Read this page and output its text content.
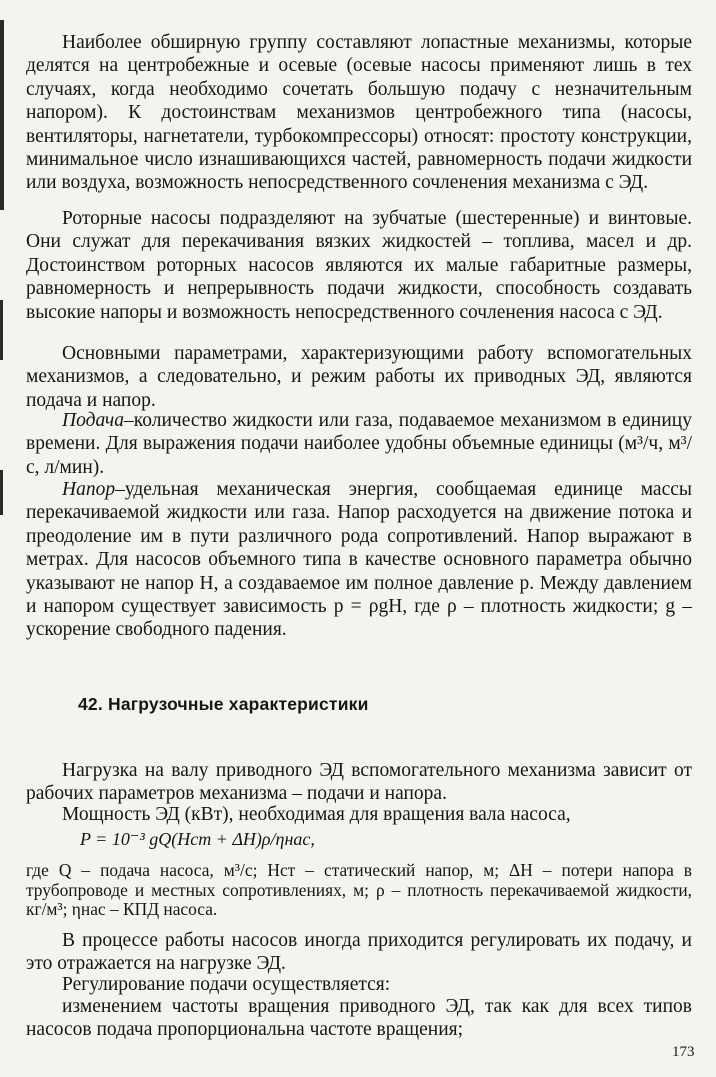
Наиболее обширную группу составляют лопастные механизмы, которые делятся на центробежные и осевые (осевые насосы применяют лишь в тех случаях, когда необходимо сочетать большую подачу с незначительным напором). К достоинствам механизмов центробежного типа (насосы, вентиляторы, нагнетатели, турбокомпрессоры) относят: простоту конструкции, минимальное число изнашивающихся частей, равномерность подачи жидкости или воздуха, возможность непосредственного сочленения механизма с ЭД.

Роторные насосы подразделяют на зубчатые (шестеренные) и винтовые. Они служат для перекачивания вязких жидкостей – топлива, масел и др. Достоинством роторных насосов являются их малые габаритные размеры, равномерность и непрерывность подачи жидкости, способность создавать высокие напоры и возможность непосредственного сочленения насоса с ЭД.

Основными параметрами, характеризующими работу вспомогательных механизмов, а следовательно, и режим работы их приводных ЭД, являются подача и напор.

Подача–количество жидкости или газа, подаваемое механизмом в единицу времени. Для выражения подачи наиболее удобны объемные единицы (м³/ч, м³/с, л/мин).

Напор–удельная механическая энергия, сообщаемая единице массы перекачиваемой жидкости или газа. Напор расходуется на движение потока и преодоление им в пути различного рода сопротивлений. Напор выражают в метрах. Для насосов объемного типа в качестве основного параметра обычно указывают не напор H, а создаваемое им полное давление p. Между давлением и напором существует зависимость p = ρgH, где ρ – плотность жидкости; g – ускорение свободного падения.

42. Нагрузочные характеристики

Нагрузка на валу приводного ЭД вспомогательного механизма зависит от рабочих параметров механизма – подачи и напора.

Мощность ЭД (кВт), необходимая для вращения вала насоса,

P = 10⁻³ gQ(Hст + ΔH)ρ/ηнас,

где Q – подача насоса, м³/с; Hст – статический напор, м; ΔH – потери напора в трубопроводе и местных сопротивлениях, м; ρ – плотность перекачиваемой жидкости, кг/м³; ηнас – КПД насоса.

В процессе работы насосов иногда приходится регулировать их подачу, и это отражается на нагрузке ЭД.

Регулирование подачи осуществляется:

изменением частоты вращения приводного ЭД, так как для всех типов насосов подача пропорциональна частоте вращения;

173
